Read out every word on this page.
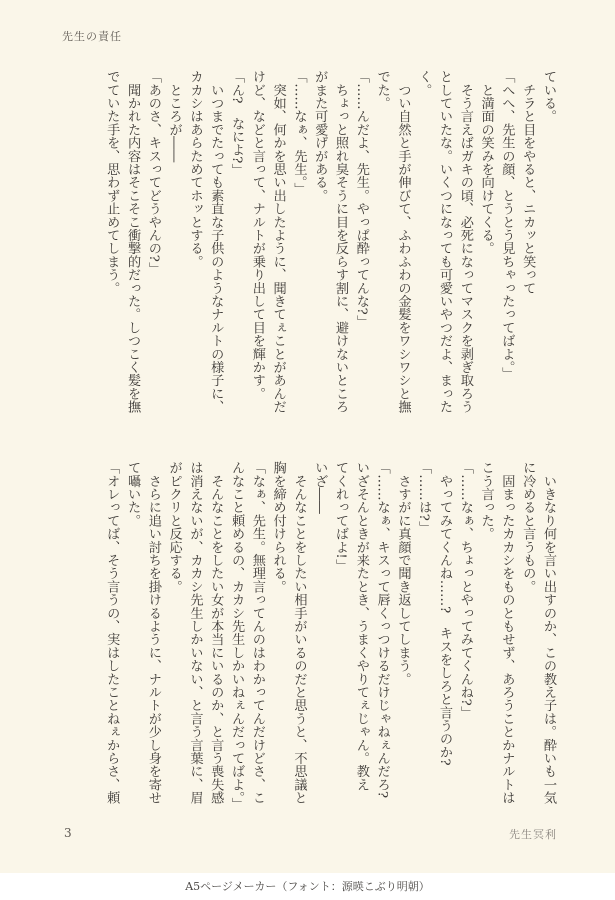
先生の責任
ている。
　チラと目をやると、ニカッと笑って
「へへ、先生の顔、とうとう見ちゃったってばよ。」
　と満面の笑みを向けてくる。
　そう言えばガキの頃、必死になってマスクを剥ぎ取ろう
としていたな。いくつになっても可愛いやつだよ、まった
く。
　つい自然と手が伸びて、ふわふわの金髪をワシワシと撫
でた。
「……んだよ、先生。やっぱ酔ってんな?」
　ちょっと照れ臭そうに目を反らす割に、避けないところ
がまた可愛げがある。
「……なぁ、先生。」
　突如、何かを思い出したように、聞きてぇことがあんだ
けど、などと言って、ナルトが乗り出して目を輝かす。
「ん?　なによ?」
　いつまでたっても素直な子供のようなナルトの様子に、
カカシはあらためてホッとする。
　ところが――
「あのさ、キスってどうやんの?」
　聞かれた内容はそこそこ衝撃的だった。しつこく髪を撫
でていた手を、思わず止めてしまう。
　いきなり何を言い出すのか、この教え子は。酔いも一気
に冷めると言うもの。
　固まったカカシをものともせず、あろうことかナルトは
こう言った。
「……なぁ、ちょっとやってみてくんね?」
　やってみてくんね……?　キスをしろと言うのか?
「……は?」
　さすがに真顔で聞き返してしまう。
「……なぁ、キスって唇くっつけるだけじゃねぇんだろ?
いざそんときが来たとき、うまくやりてぇじゃん。教え
てくれってばよ!」
いざ――
　そんなことをしたい相手がいるのだと思うと、不思議と
胸を締め付けられる。
「なぁ、先生。無理言ってんのはわかってんだけどさ、こ
んなこと頼めるの、カカシ先生しかいねぇんだってばよ。」
　そんなことをしたい女が本当にいるのか、と言う喪失感
は消えないが、カカシ先生しかいない、と言う言葉に、眉
がピクリと反応する。
　さらに追い討ちを掛けるように、ナルトが少し身を寄せ
て囁いた。
「オレってば、そう言うの、実はしたことねぇからさ、頼
3	先生冥利
A5ページメーカー（フォント：源暎こぶり明朝）
